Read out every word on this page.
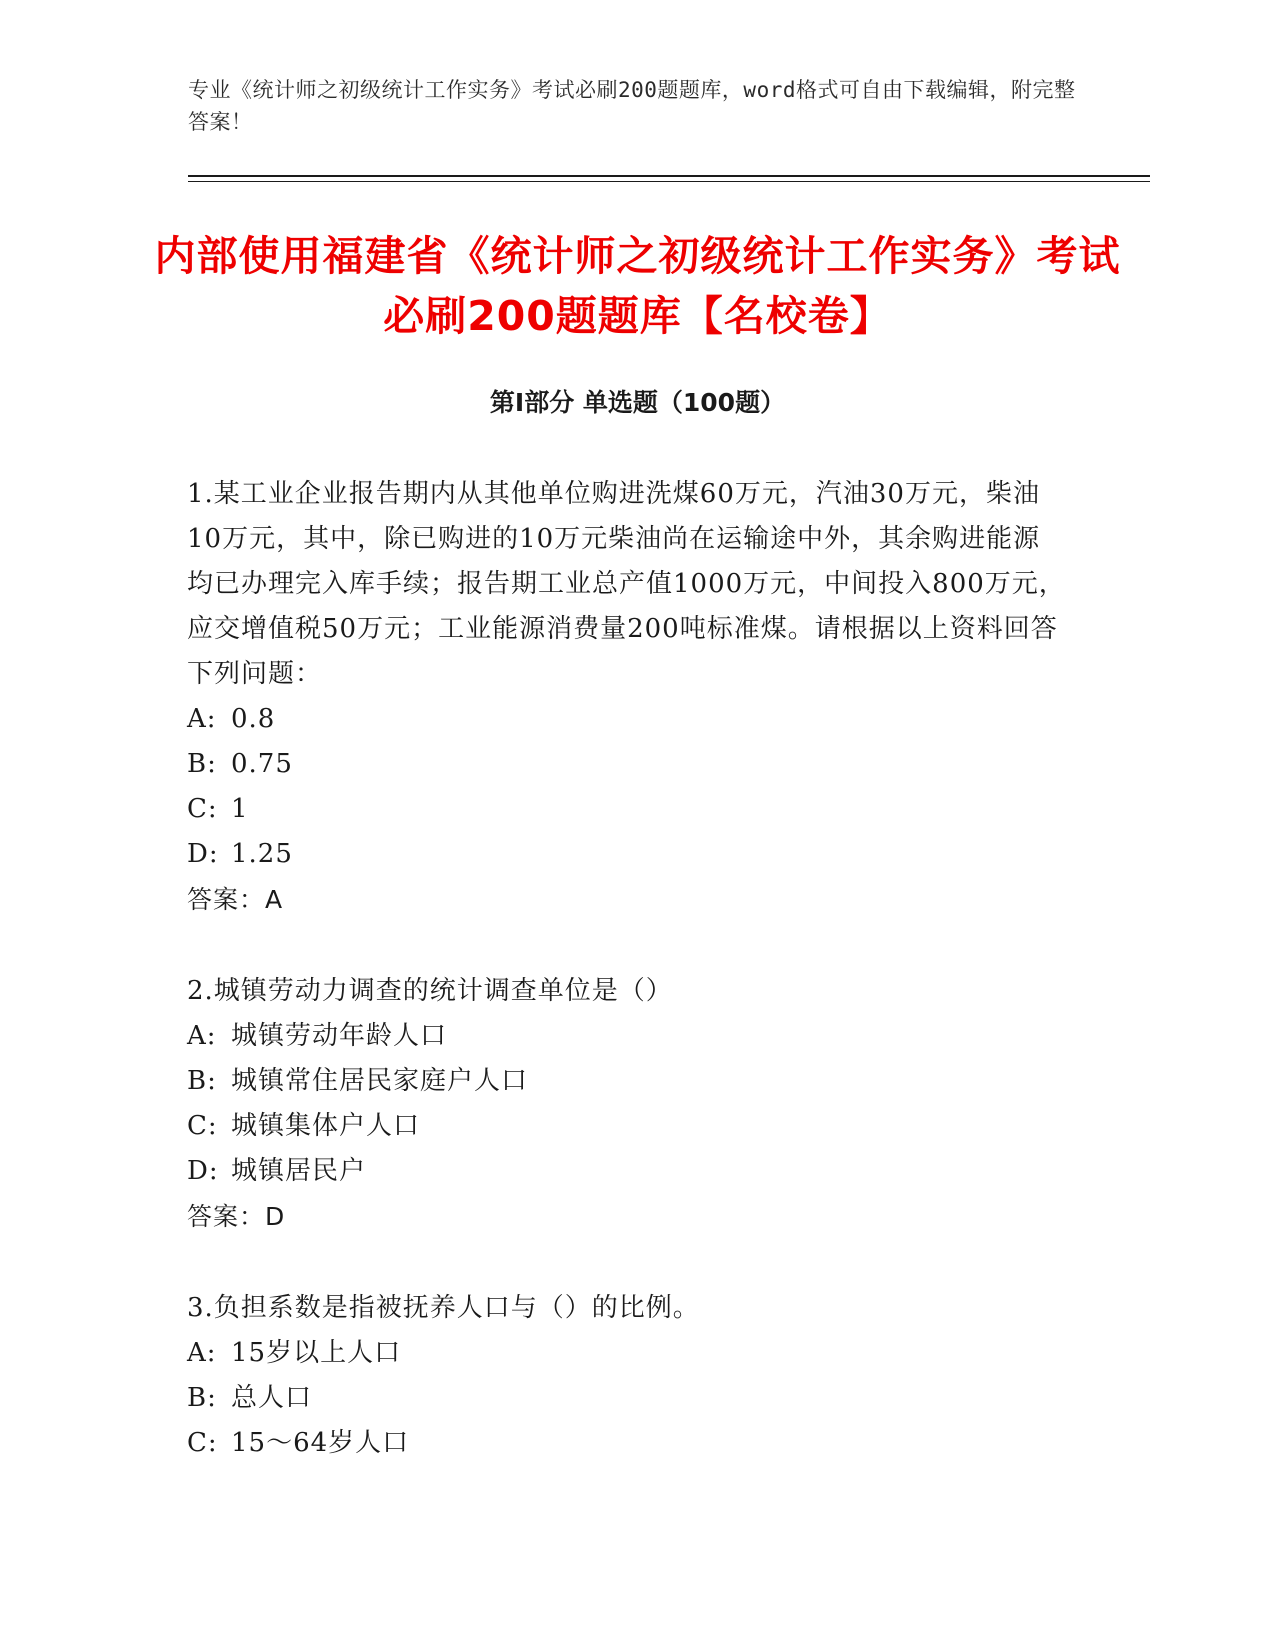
专业《统计师之初级统计工作实务》考试必刷200题题库，word格式可自由下载编辑，附完整答案！
内部使用福建省《统计师之初级统计工作实务》考试必刷200题题库【名校卷】
第I部分 单选题（100题）

1.某工业企业报告期内从其他单位购进洗煤60万元，汽油30万元，柴油10万元，其中，除已购进的10万元柴油尚在运输途中外，其余购进能源均已办理完入库手续；报告期工业总产值1000万元，中间投入800万元，应交增值税50万元；工业能源消费量200吨标准煤。请根据以上资料回答下列问题：

A: 0.8

B: 0.75

C: 1

D: 1.25

答案：A

2.城镇劳动力调查的统计调查单位是（）

A: 城镇劳动年龄人口

B: 城镇常住居民家庭户人口

C: 城镇集体户人口

D: 城镇居民户

答案：D

3.负担系数是指被抚养人口与（）的比例。

A: 15岁以上人口

B: 总人口

C: 15～64岁人口
